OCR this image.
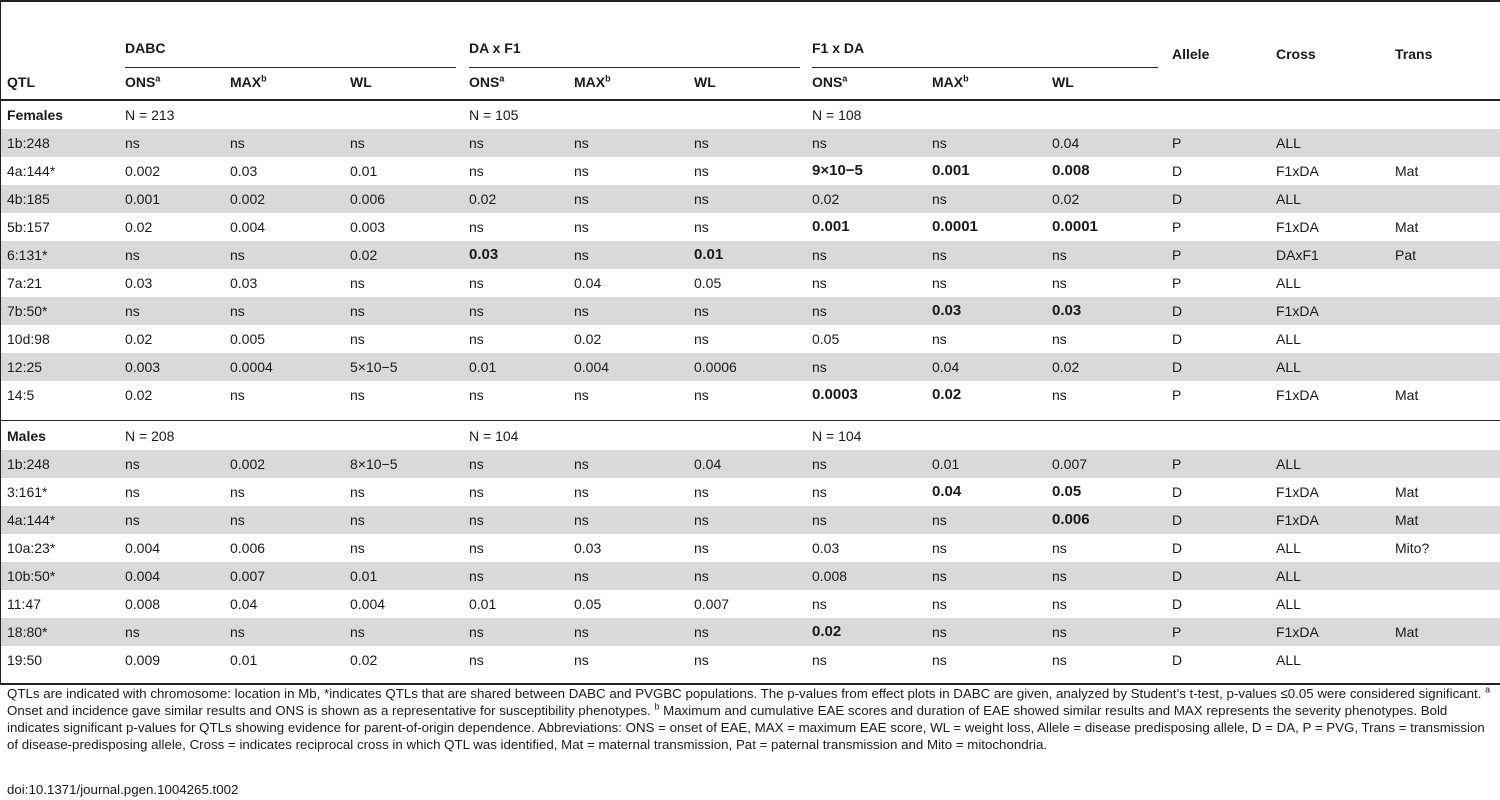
DABC	DA x F1	F1 x DA	Allele	Cross	Trans
QTL	ONS$^a$	MAX$^b$	WL	ONS$^a$	MAX$^b$	WL	ONS$^a$	MAX$^b$	WL
Females	N = 213	N = 105	N = 108
1b:248	ns	ns	ns	ns	ns	ns	ns	ns	0.04	P	ALL
4a:144*	0.002	0.03	0.01	ns	ns	ns	9×10−5	0.001	0.008	D	F1xDA	Mat
4b:185	0.001	0.002	0.006	0.02	ns	ns	0.02	ns	0.02	D	ALL
5b:157	0.02	0.004	0.003	ns	ns	ns	0.001	0.0001	0.0001	P	F1xDA	Mat
6:131*	ns	ns	0.02	0.03	ns	0.01	ns	ns	ns	P	DAxF1	Pat
7a:21	0.03	0.03	ns	ns	0.04	0.05	ns	ns	ns	P	ALL
7b:50*	ns	ns	ns	ns	ns	ns	ns	0.03	0.03	D	F1xDA
10d:98	0.02	0.005	ns	ns	0.02	ns	0.05	ns	ns	D	ALL
12:25	0.003	0.0004	5×10−5	0.01	0.004	0.0006	ns	0.04	0.02	D	ALL
14:5	0.02	ns	ns	ns	ns	ns	0.0003	0.02	ns	P	F1xDA	Mat
Males	N = 208	N = 104	N = 104
1b:248	ns	0.002	8×10−5	ns	ns	0.04	ns	0.01	0.007	P	ALL
3:161*	ns	ns	ns	ns	ns	ns	ns	0.04	0.05	D	F1xDA	Mat
4a:144*	ns	ns	ns	ns	ns	ns	ns	ns	0.006	D	F1xDA	Mat
10a:23*	0.004	0.006	ns	ns	0.03	ns	0.03	ns	ns	D	ALL	Mito?
10b:50*	0.004	0.007	0.01	ns	ns	ns	0.008	ns	ns	D	ALL
11:47	0.008	0.04	0.004	0.01	0.05	0.007	ns	ns	ns	D	ALL
18:80*	ns	ns	ns	ns	ns	ns	0.02	ns	ns	P	F1xDA	Mat
19:50	0.009	0.01	0.02	ns	ns	ns	ns	ns	ns	D	ALL
QTLs are indicated with chromosome: location in Mb, *indicates QTLs that are shared between DABC and PVGBC populations. The p-values from effect plots in DABC are given, analyzed by Student’s t-test, p-values ≤0.05 were considered significant. $^a$ Onset and incidence gave similar results and ONS is shown as a representative for susceptibility phenotypes. $^b$ Maximum and cumulative EAE scores and duration of EAE showed similar results and MAX represents the severity phenotypes. Bold indicates significant p-values for QTLs showing evidence for parent-of-origin dependence. Abbreviations: ONS = onset of EAE, MAX = maximum EAE score, WL = weight loss, Allele = disease predisposing allele, D = DA, P = PVG, Trans = transmission of disease-predisposing allele, Cross = indicates reciprocal cross in which QTL was identified, Mat = maternal transmission, Pat = paternal transmission and Mito = mitochondria.
doi:10.1371/journal.pgen.1004265.t002
